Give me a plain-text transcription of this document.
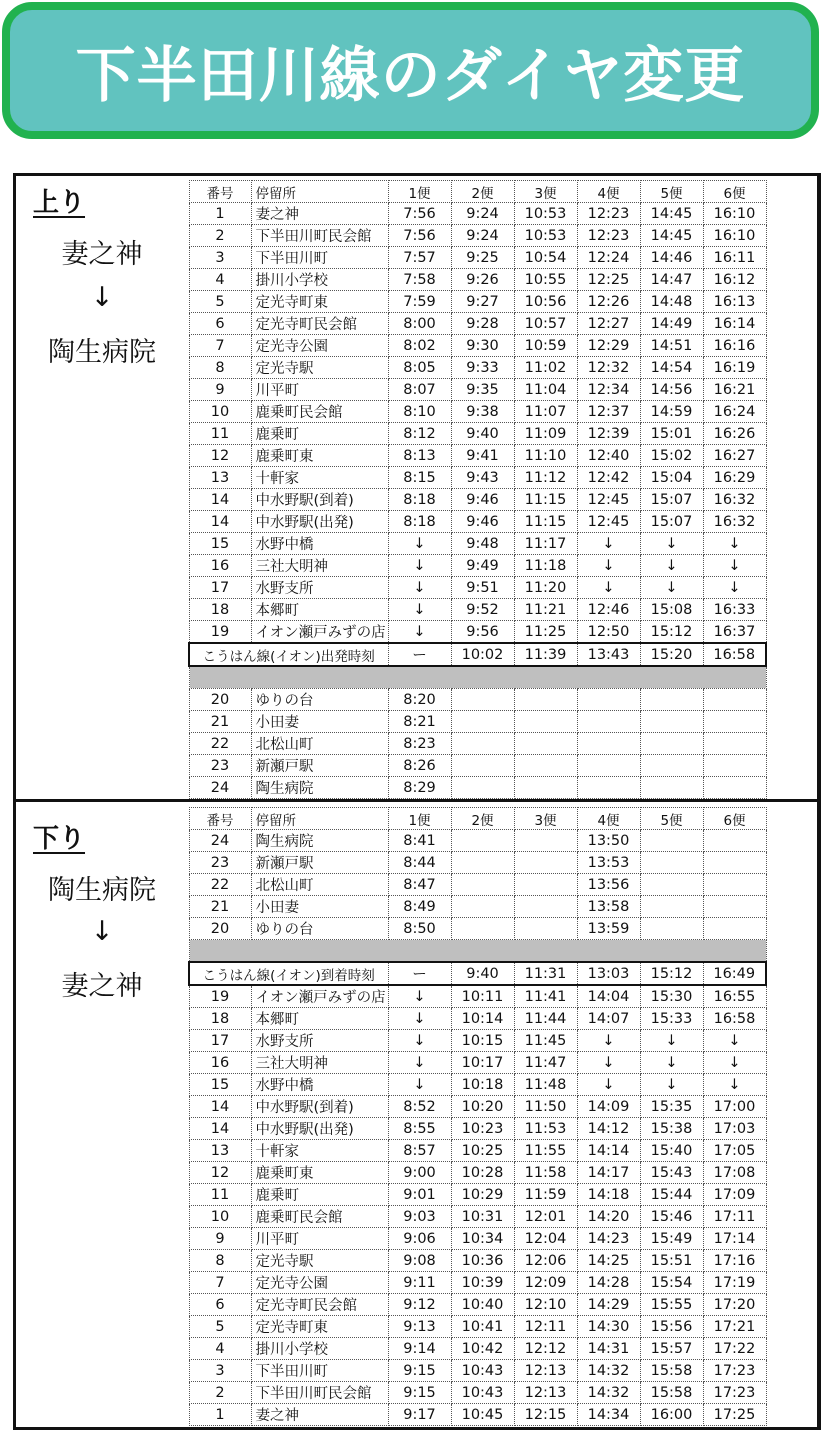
下半田川線のダイヤ変更
上り
妻之神
↓
陶生病院
番号	停留所	1便	2便	3便	4便	5便	6便
1	妻之神	7:56	9:24	10:53	12:23	14:45	16:10
2	下半田川町民会館	7:56	9:24	10:53	12:23	14:45	16:10
3	下半田川町	7:57	9:25	10:54	12:24	14:46	16:11
4	掛川小学校	7:58	9:26	10:55	12:25	14:47	16:12
5	定光寺町東	7:59	9:27	10:56	12:26	14:48	16:13
6	定光寺町民会館	8:00	9:28	10:57	12:27	14:49	16:14
7	定光寺公園	8:02	9:30	10:59	12:29	14:51	16:16
8	定光寺駅	8:05	9:33	11:02	12:32	14:54	16:19
9	川平町	8:07	9:35	11:04	12:34	14:56	16:21
10	鹿乗町民会館	8:10	9:38	11:07	12:37	14:59	16:24
11	鹿乗町	8:12	9:40	11:09	12:39	15:01	16:26
12	鹿乗町東	8:13	9:41	11:10	12:40	15:02	16:27
13	十軒家	8:15	9:43	11:12	12:42	15:04	16:29
14	中水野駅(到着)	8:18	9:46	11:15	12:45	15:07	16:32
14	中水野駅(出発)	8:18	9:46	11:15	12:45	15:07	16:32
15	水野中橋	↓	9:48	11:17	↓	↓	↓
16	三社大明神	↓	9:49	11:18	↓	↓	↓
17	水野支所	↓	9:51	11:20	↓	↓	↓
18	本郷町	↓	9:52	11:21	12:46	15:08	16:33
19	イオン瀬戸みずの店	↓	9:56	11:25	12:50	15:12	16:37
こうはん線(イオン)出発時刻		ー	10:02	11:39	13:43	15:20	16:58

20	ゆりの台	8:20					
21	小田妻	8:21					
22	北松山町	8:23					
23	新瀬戸駅	8:26					
24	陶生病院	8:29					
下り
陶生病院
↓
妻之神
番号	停留所	1便	2便	3便	4便	5便	6便
24	陶生病院	8:41			13:50		
23	新瀬戸駅	8:44			13:53		
22	北松山町	8:47			13:56		
21	小田妻	8:49			13:58		
20	ゆりの台	8:50			13:59		

こうはん線(イオン)到着時刻		ー	9:40	11:31	13:03	15:12	16:49
19	イオン瀬戸みずの店	↓	10:11	11:41	14:04	15:30	16:55
18	本郷町	↓	10:14	11:44	14:07	15:33	16:58
17	水野支所	↓	10:15	11:45	↓	↓	↓
16	三社大明神	↓	10:17	11:47	↓	↓	↓
15	水野中橋	↓	10:18	11:48	↓	↓	↓
14	中水野駅(到着)	8:52	10:20	11:50	14:09	15:35	17:00
14	中水野駅(出発)	8:55	10:23	11:53	14:12	15:38	17:03
13	十軒家	8:57	10:25	11:55	14:14	15:40	17:05
12	鹿乗町東	9:00	10:28	11:58	14:17	15:43	17:08
11	鹿乗町	9:01	10:29	11:59	14:18	15:44	17:09
10	鹿乗町民会館	9:03	10:31	12:01	14:20	15:46	17:11
9	川平町	9:06	10:34	12:04	14:23	15:49	17:14
8	定光寺駅	9:08	10:36	12:06	14:25	15:51	17:16
7	定光寺公園	9:11	10:39	12:09	14:28	15:54	17:19
6	定光寺町民会館	9:12	10:40	12:10	14:29	15:55	17:20
5	定光寺町東	9:13	10:41	12:11	14:30	15:56	17:21
4	掛川小学校	9:14	10:42	12:12	14:31	15:57	17:22
3	下半田川町	9:15	10:43	12:13	14:32	15:58	17:23
2	下半田川町民会館	9:15	10:43	12:13	14:32	15:58	17:23
1	妻之神	9:17	10:45	12:15	14:34	16:00	17:25
